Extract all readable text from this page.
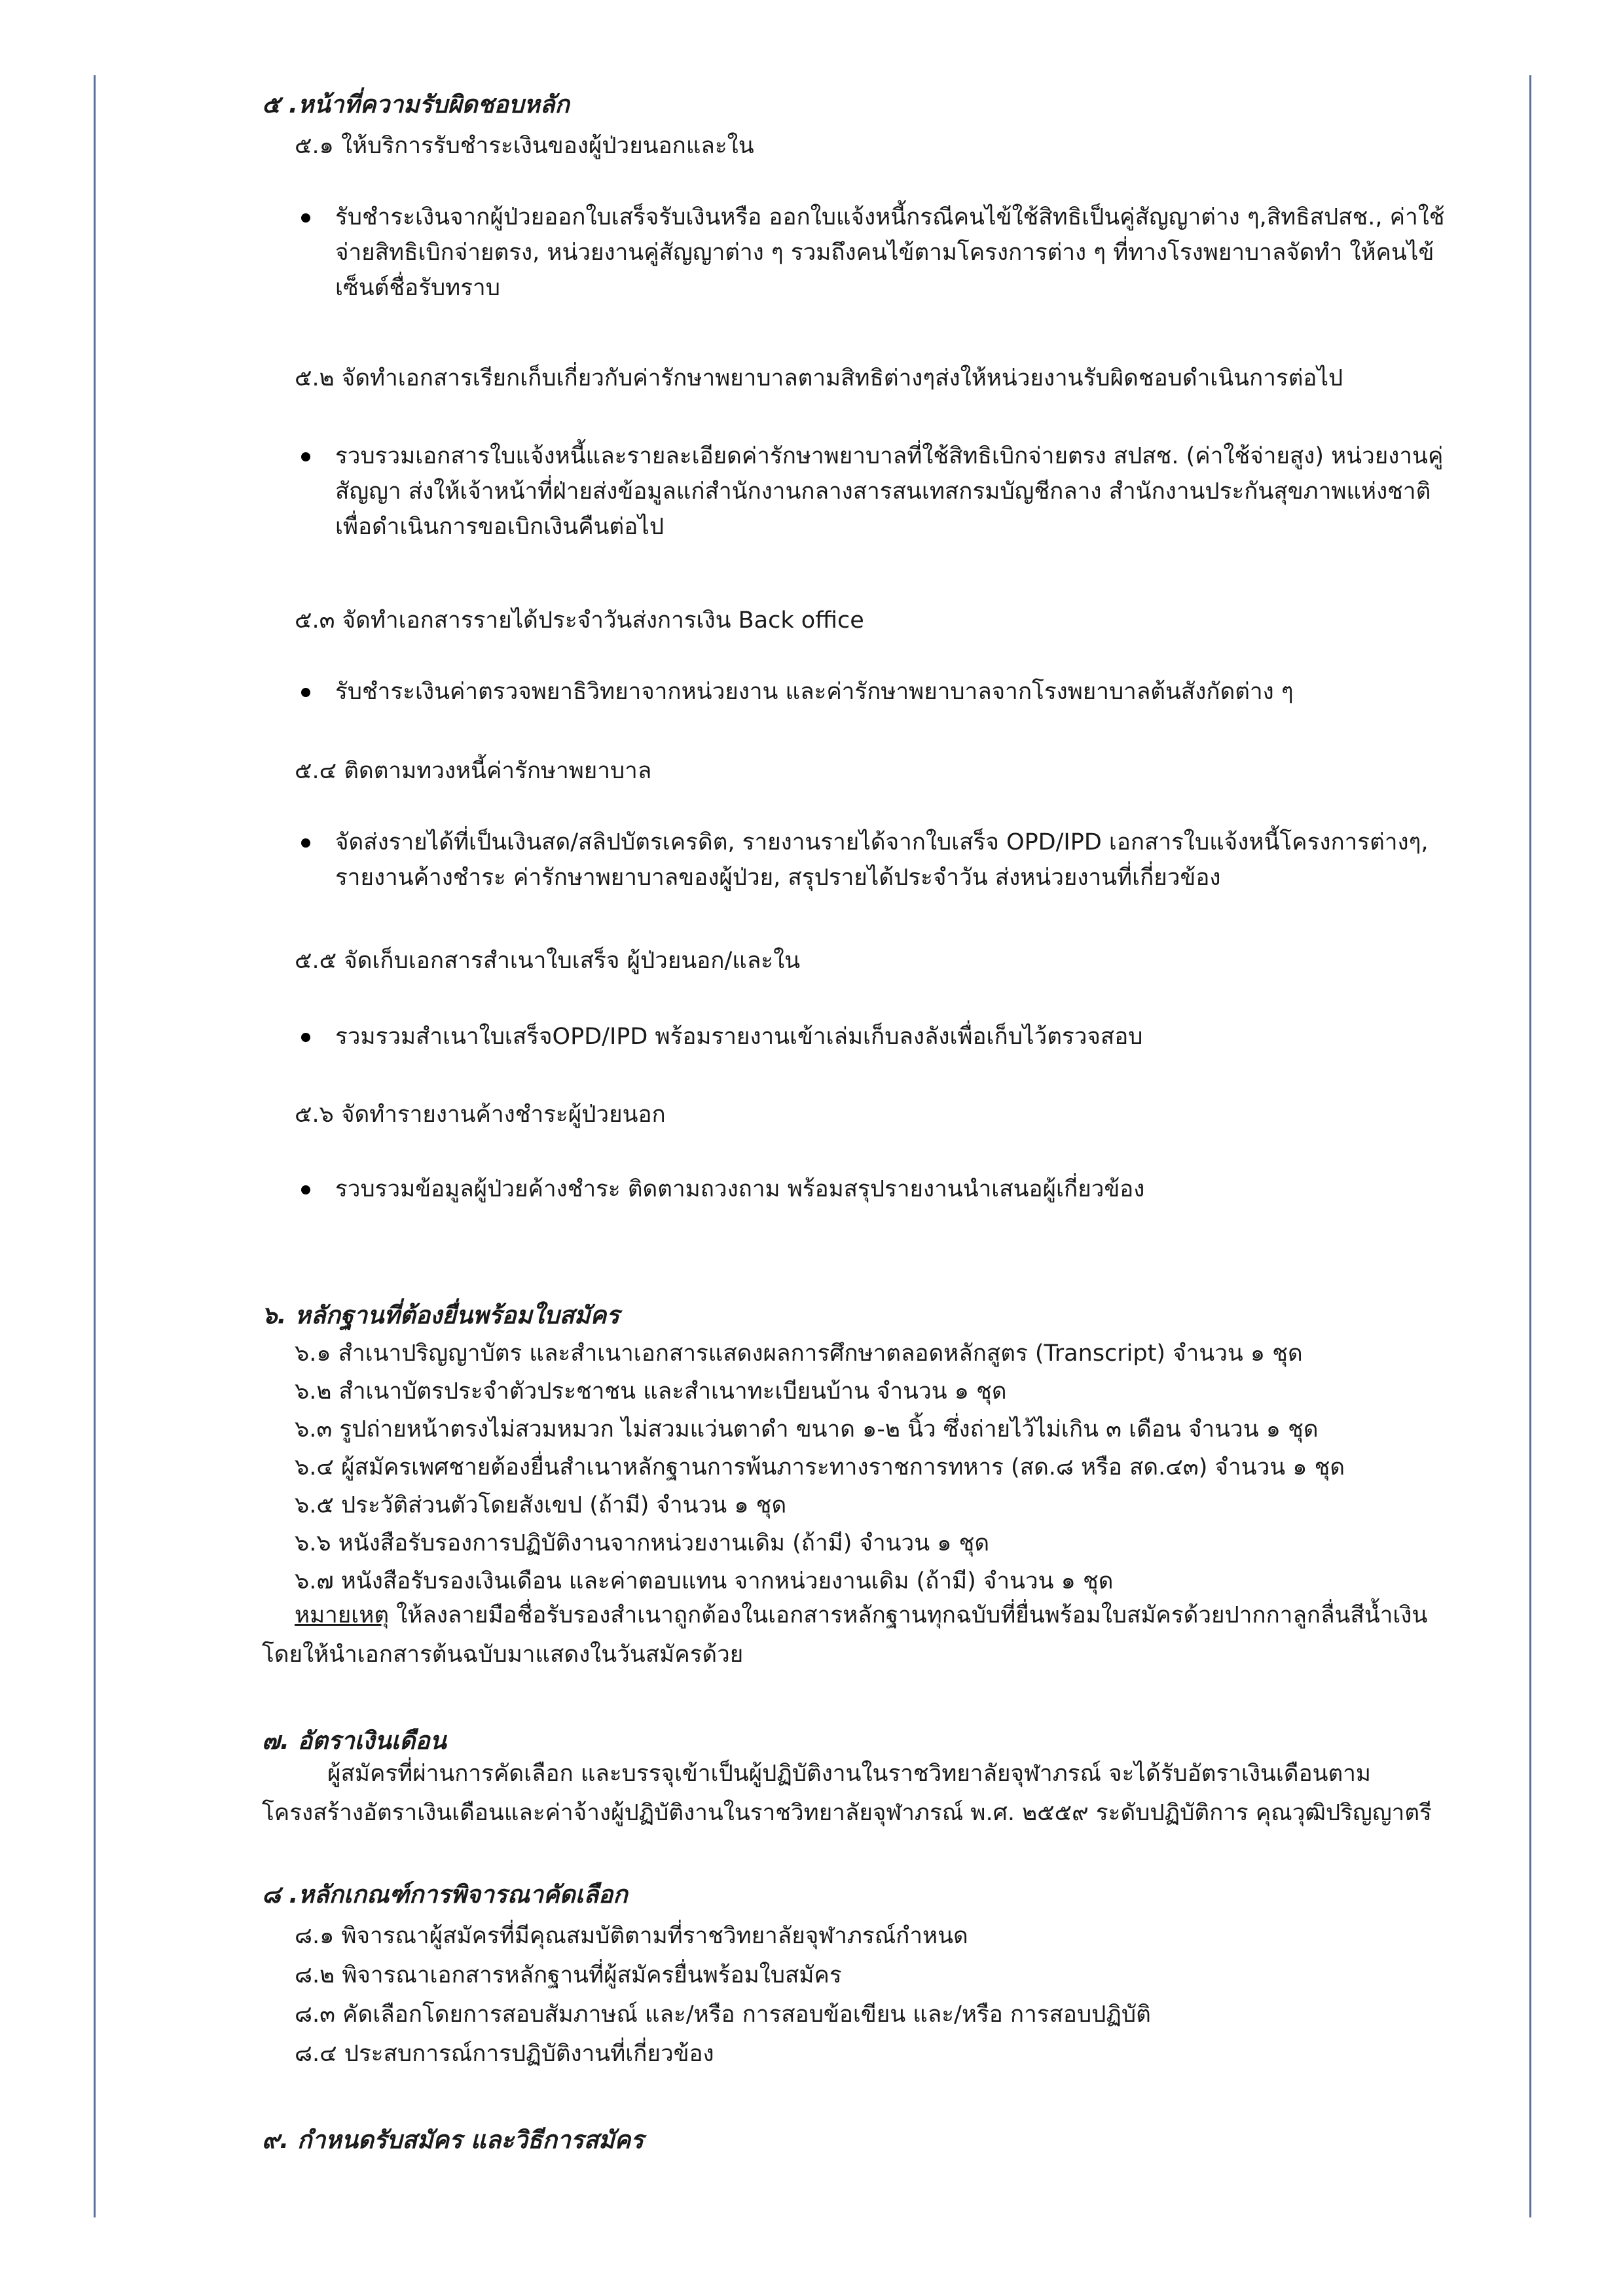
๕ .หน้าที่ความรับผิดชอบหลัก
๕.๑ ให้บริการรับชำระเงินของผู้ป่วยนอกและใน
รับชำระเงินจากผู้ป่วยออกใบเสร็จรับเงินหรือ ออกใบแจ้งหนี้กรณีคนไข้ใช้สิทธิเป็นคู่สัญญาต่าง ๆ,สิทธิสปสช., ค่าใช้จ่ายสิทธิเบิกจ่ายตรง, หน่วยงานคู่สัญญาต่าง ๆ รวมถึงคนไข้ตามโครงการต่าง ๆ ที่ทางโรงพยาบาลจัดทำ ให้คนไข้เซ็นต์ชื่อรับทราบ
๕.๒ จัดทำเอกสารเรียกเก็บเกี่ยวกับค่ารักษาพยาบาลตามสิทธิต่างๆส่งให้หน่วยงานรับผิดชอบดำเนินการต่อไป
รวบรวมเอกสารใบแจ้งหนี้และรายละเอียดค่ารักษาพยาบาลที่ใช้สิทธิเบิกจ่ายตรง สปสช. (ค่าใช้จ่ายสูง) หน่วยงานคู่สัญญา ส่งให้เจ้าหน้าที่ฝ่ายส่งข้อมูลแก่สำนักงานกลางสารสนเทสกรมบัญชีกลาง สำนักงานประกันสุขภาพแห่งชาติ เพื่อดำเนินการขอเบิกเงินคืนต่อไป
๕.๓ จัดทำเอกสารรายได้ประจำวันส่งการเงิน Back office
รับชำระเงินค่าตรวจพยาธิวิทยาจากหน่วยงาน และค่ารักษาพยาบาลจากโรงพยาบาลต้นสังกัดต่าง ๆ
๕.๔ ติดตามทวงหนี้ค่ารักษาพยาบาล
จัดส่งรายได้ที่เป็นเงินสด/สลิปบัตรเครดิต, รายงานรายได้จากใบเสร็จ OPD/IPD เอกสารใบแจ้งหนี้โครงการต่างๆ, รายงานค้างชำระ ค่ารักษาพยาบาลของผู้ป่วย, สรุปรายได้ประจำวัน ส่งหน่วยงานที่เกี่ยวข้อง
๕.๕ จัดเก็บเอกสารสำเนาใบเสร็จ ผู้ป่วยนอก/และใน
รวมรวมสำเนาใบเสร็จOPD/IPD พร้อมรายงานเข้าเล่มเก็บลงลังเพื่อเก็บไว้ตรวจสอบ
๕.๖ จัดทำรายงานค้างชำระผู้ป่วยนอก
รวบรวมข้อมูลผู้ป่วยค้างชำระ ติดตามถวงถาม พร้อมสรุปรายงานนำเสนอผู้เกี่ยวข้อง
๖. หลักฐานที่ต้องยื่นพร้อมใบสมัคร
๖.๑ สำเนาปริญญาบัตร และสำเนาเอกสารแสดงผลการศึกษาตลอดหลักสูตร (Transcript) จำนวน ๑ ชุด
๖.๒ สำเนาบัตรประจำตัวประชาชน และสำเนาทะเบียนบ้าน จำนวน ๑ ชุด
๖.๓ รูปถ่ายหน้าตรงไม่สวมหมวก ไม่สวมแว่นตาดำ ขนาด ๑-๒ นิ้ว ซึ่งถ่ายไว้ไม่เกิน ๓ เดือน จำนวน ๑ ชุด
๖.๔ ผู้สมัครเพศชายต้องยื่นสำเนาหลักฐานการพ้นภาระทางราชการทหาร (สด.๘ หรือ สด.๔๓) จำนวน ๑ ชุด
๖.๕ ประวัติส่วนตัวโดยสังเขป (ถ้ามี) จำนวน ๑ ชุด
๖.๖ หนังสือรับรองการปฏิบัติงานจากหน่วยงานเดิม (ถ้ามี) จำนวน ๑ ชุด
๖.๗ หนังสือรับรองเงินเดือน และค่าตอบแทน จากหน่วยงานเดิม (ถ้ามี) จำนวน ๑ ชุด
หมายเหตุ ให้ลงลายมือชื่อรับรองสำเนาถูกต้องในเอกสารหลักฐานทุกฉบับที่ยื่นพร้อมใบสมัครด้วยปากกาลูกลื่นสีน้ำเงิน โดยให้นำเอกสารต้นฉบับมาแสดงในวันสมัครด้วย
๗. อัตราเงินเดือน
ผู้สมัครที่ผ่านการคัดเลือก และบรรจุเข้าเป็นผู้ปฏิบัติงานในราชวิทยาลัยจุฬาภรณ์ จะได้รับอัตราเงินเดือนตาม โครงสร้างอัตราเงินเดือนและค่าจ้างผู้ปฏิบัติงานในราชวิทยาลัยจุฬาภรณ์ พ.ศ. ๒๕๕๙ ระดับปฏิบัติการ คุณวุฒิปริญญาตรี
๘ .หลักเกณฑ์การพิจารณาคัดเลือก
๘.๑ พิจารณาผู้สมัครที่มีคุณสมบัติตามที่ราชวิทยาลัยจุฬาภรณ์กำหนด
๘.๒ พิจารณาเอกสารหลักฐานที่ผู้สมัครยื่นพร้อมใบสมัคร
๘.๓ คัดเลือกโดยการสอบสัมภาษณ์ และ/หรือ การสอบข้อเขียน และ/หรือ การสอบปฏิบัติ
๘.๔ ประสบการณ์การปฏิบัติงานที่เกี่ยวข้อง
๙. กำหนดรับสมัคร และวิธีการสมัคร
